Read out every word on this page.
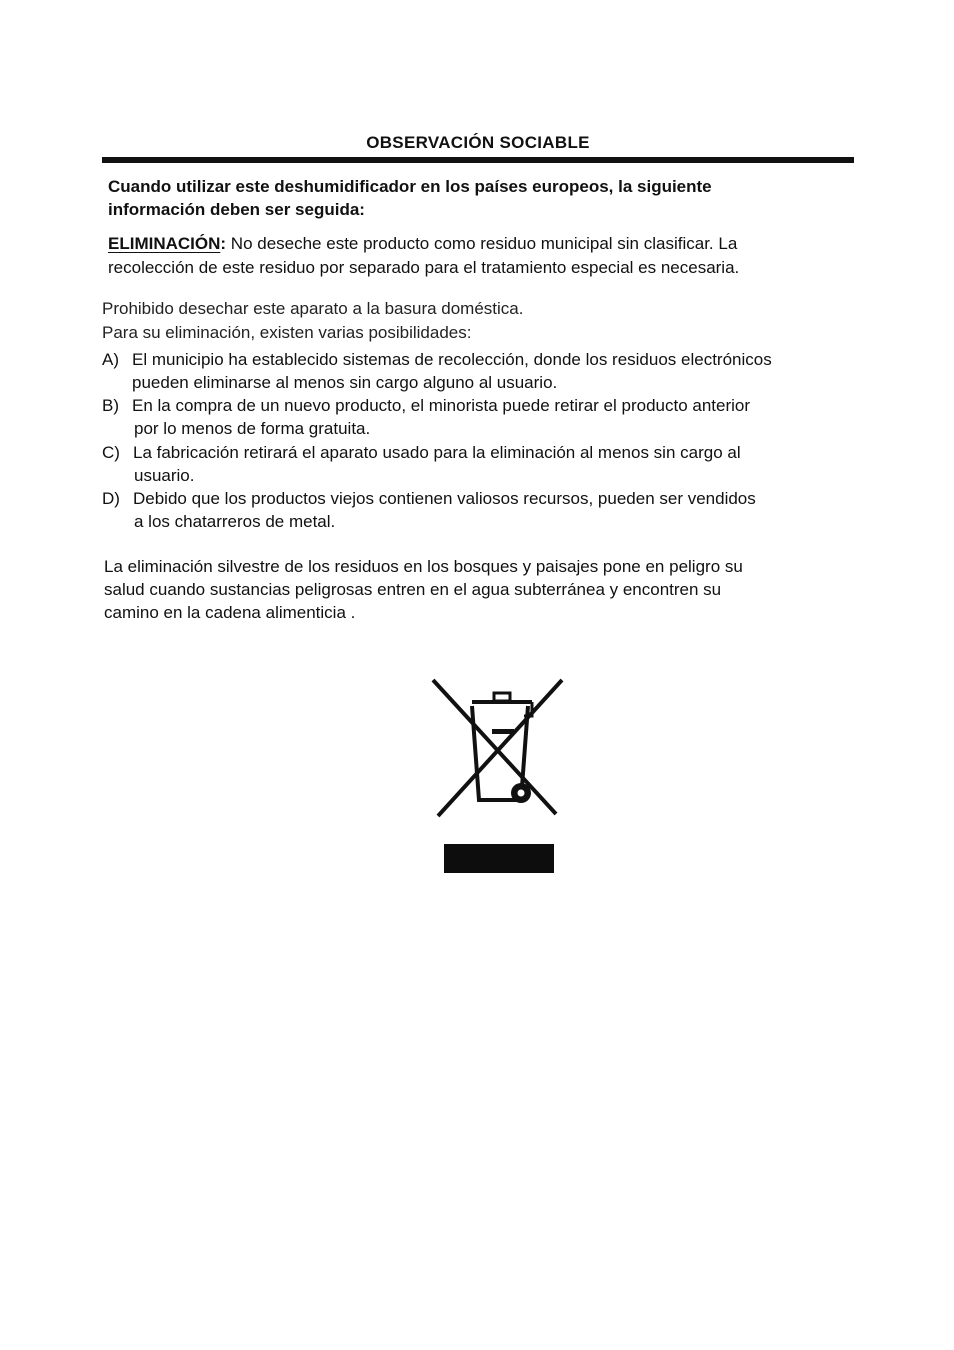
OBSERVACIÓN SOCIABLE
Cuando utilizar este deshumidificador en los países europeos, la siguiente
información deben ser seguida:
ELIMINACIÓN: No deseche este producto como residuo municipal sin clasificar. La
recolección de este residuo por separado para el tratamiento especial es necesaria.
Prohibido desechar este aparato a la basura doméstica.
Para su eliminación, existen varias posibilidades:
A) El municipio ha establecido sistemas de recolección, donde los residuos electrónicos
pueden eliminarse al menos sin cargo alguno al usuario.
B) En la compra de un nuevo producto, el minorista puede retirar el producto anterior
por lo menos de forma gratuita.
C) La fabricación retirará el aparato usado para la eliminación al menos sin cargo al
usuario.
D) Debido que los productos viejos contienen valiosos recursos, pueden ser vendidos
a los chatarreros de metal.
La eliminación silvestre de los residuos en los bosques y paisajes pone en peligro su
salud cuando sustancias peligrosas entren en el agua subterránea y encontren su
camino en la cadena alimenticia .
